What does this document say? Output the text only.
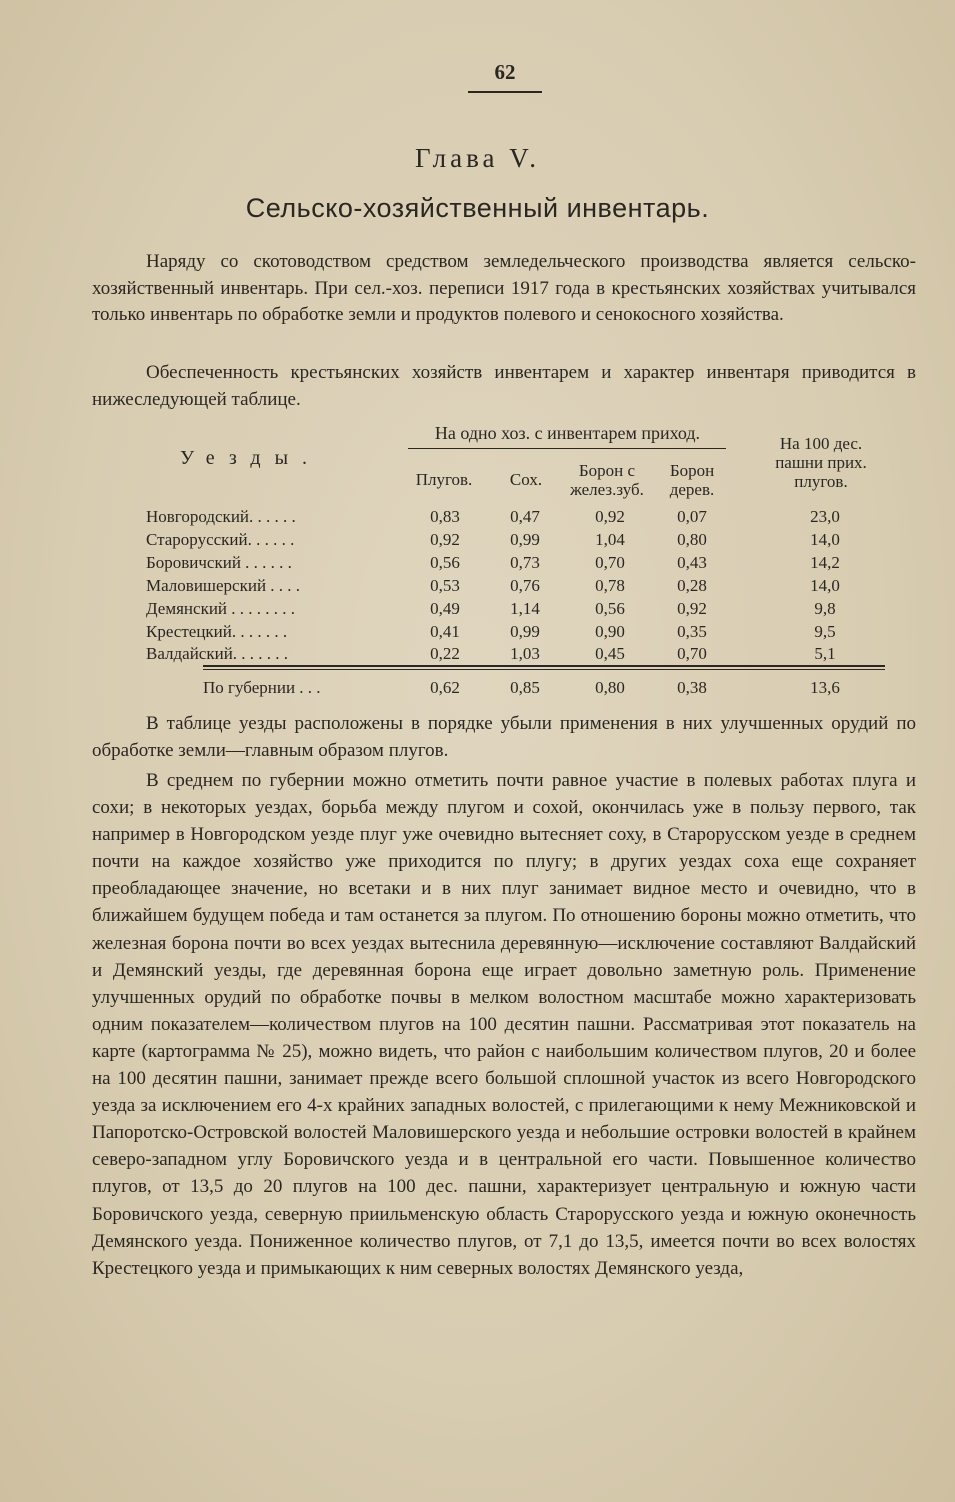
62
Глава V.
Сельско-хозяйственный инвентарь.
Наряду со скотоводством средством земледельческого производства является сельско-хозяйственный инвентарь. При сел.-хоз. переписи 1917 года в крестьянских хозяйствах учитывался только инвентарь по обработке земли и продуктов полевого и сенокосного хозяйства.
Обеспеченность крестьянских хозяйств инвентарем и характер инвентаря приводится в нижеследующей таблице.
Уезды.
На одно хоз. с инвентарем приход.
Плугов.	Сох.	Борон с желез.зуб.
Борон дерев.
На 100 дес. пашни прих. плугов.
Новгородский. . . . . .	0,83	0,47	0,92	0,07	23,0
Старорусский. . . . . .	0,92	0,99	1,04	0,80	14,0
Боровичский . . . . . .	0,56	0,73	0,70	0,43	14,2
Маловишерский . . . .	0,53	0,76	0,78	0,28	14,0
Демянский . . . . . . . .	0,49	1,14	0,56	0,92	9,8
Крестецкий. . . . . . .	0,41	0,99	0,90	0,35	9,5
Валдайский. . . . . . .	0,22	1,03	0,45	0,70	5,1
По губернии . . .	0,62	0,85	0,80	0,38	13,6
В таблице уезды расположены в порядке убыли применения в них улучшенных орудий по обработке земли—главным образом плугов.
В среднем по губернии можно отметить почти равное участие в полевых работах плуга и сохи; в некоторых уездах, борьба между плугом и сохой, окончилась уже в пользу первого, так например в Новгородском уезде плуг уже очевидно вытесняет соху, в Старорусском уезде в среднем почти на каждое хозяйство уже приходится по плугу; в других уездах соха еще сохраняет преобладающее значение, но всетаки и в них плуг занимает видное место и очевидно, что в ближайшем будущем победа и там останется за плугом. По отношению бороны можно отметить, что железная борона почти во всех уездах вытеснила деревянную—исключение составляют Валдайский и Демянский уезды, где деревянная борона еще играет довольно заметную роль. Применение улучшенных орудий по обработке почвы в мелком волостном масштабе можно характеризовать одним показателем—количеством плугов на 100 десятин пашни. Рассматривая этот показатель на карте (картограмма № 25), можно видеть, что район с наибольшим количеством плугов, 20 и более на 100 десятин пашни, занимает прежде всего большой сплошной участок из всего Новгородского уезда за исключением его 4-х крайних западных волостей, с прилегающими к нему Межниковской и Папоротско-Островской волостей Маловишерского уезда и небольшие островки волостей в крайнем северо-западном углу Боровичского уезда и в центральной его части. Повышенное количество плугов, от 13,5 до 20 плугов на 100 дес. пашни, характеризует центральную и южную части Боровичского уезда, северную приильменскую область Старорусского уезда и южную оконечность Демянского уезда. Пониженное количество плугов, от 7,1 до 13,5, имеется почти во всех волостях Крестецкого уезда и примыкающих к ним северных волостях Демянского уезда,
